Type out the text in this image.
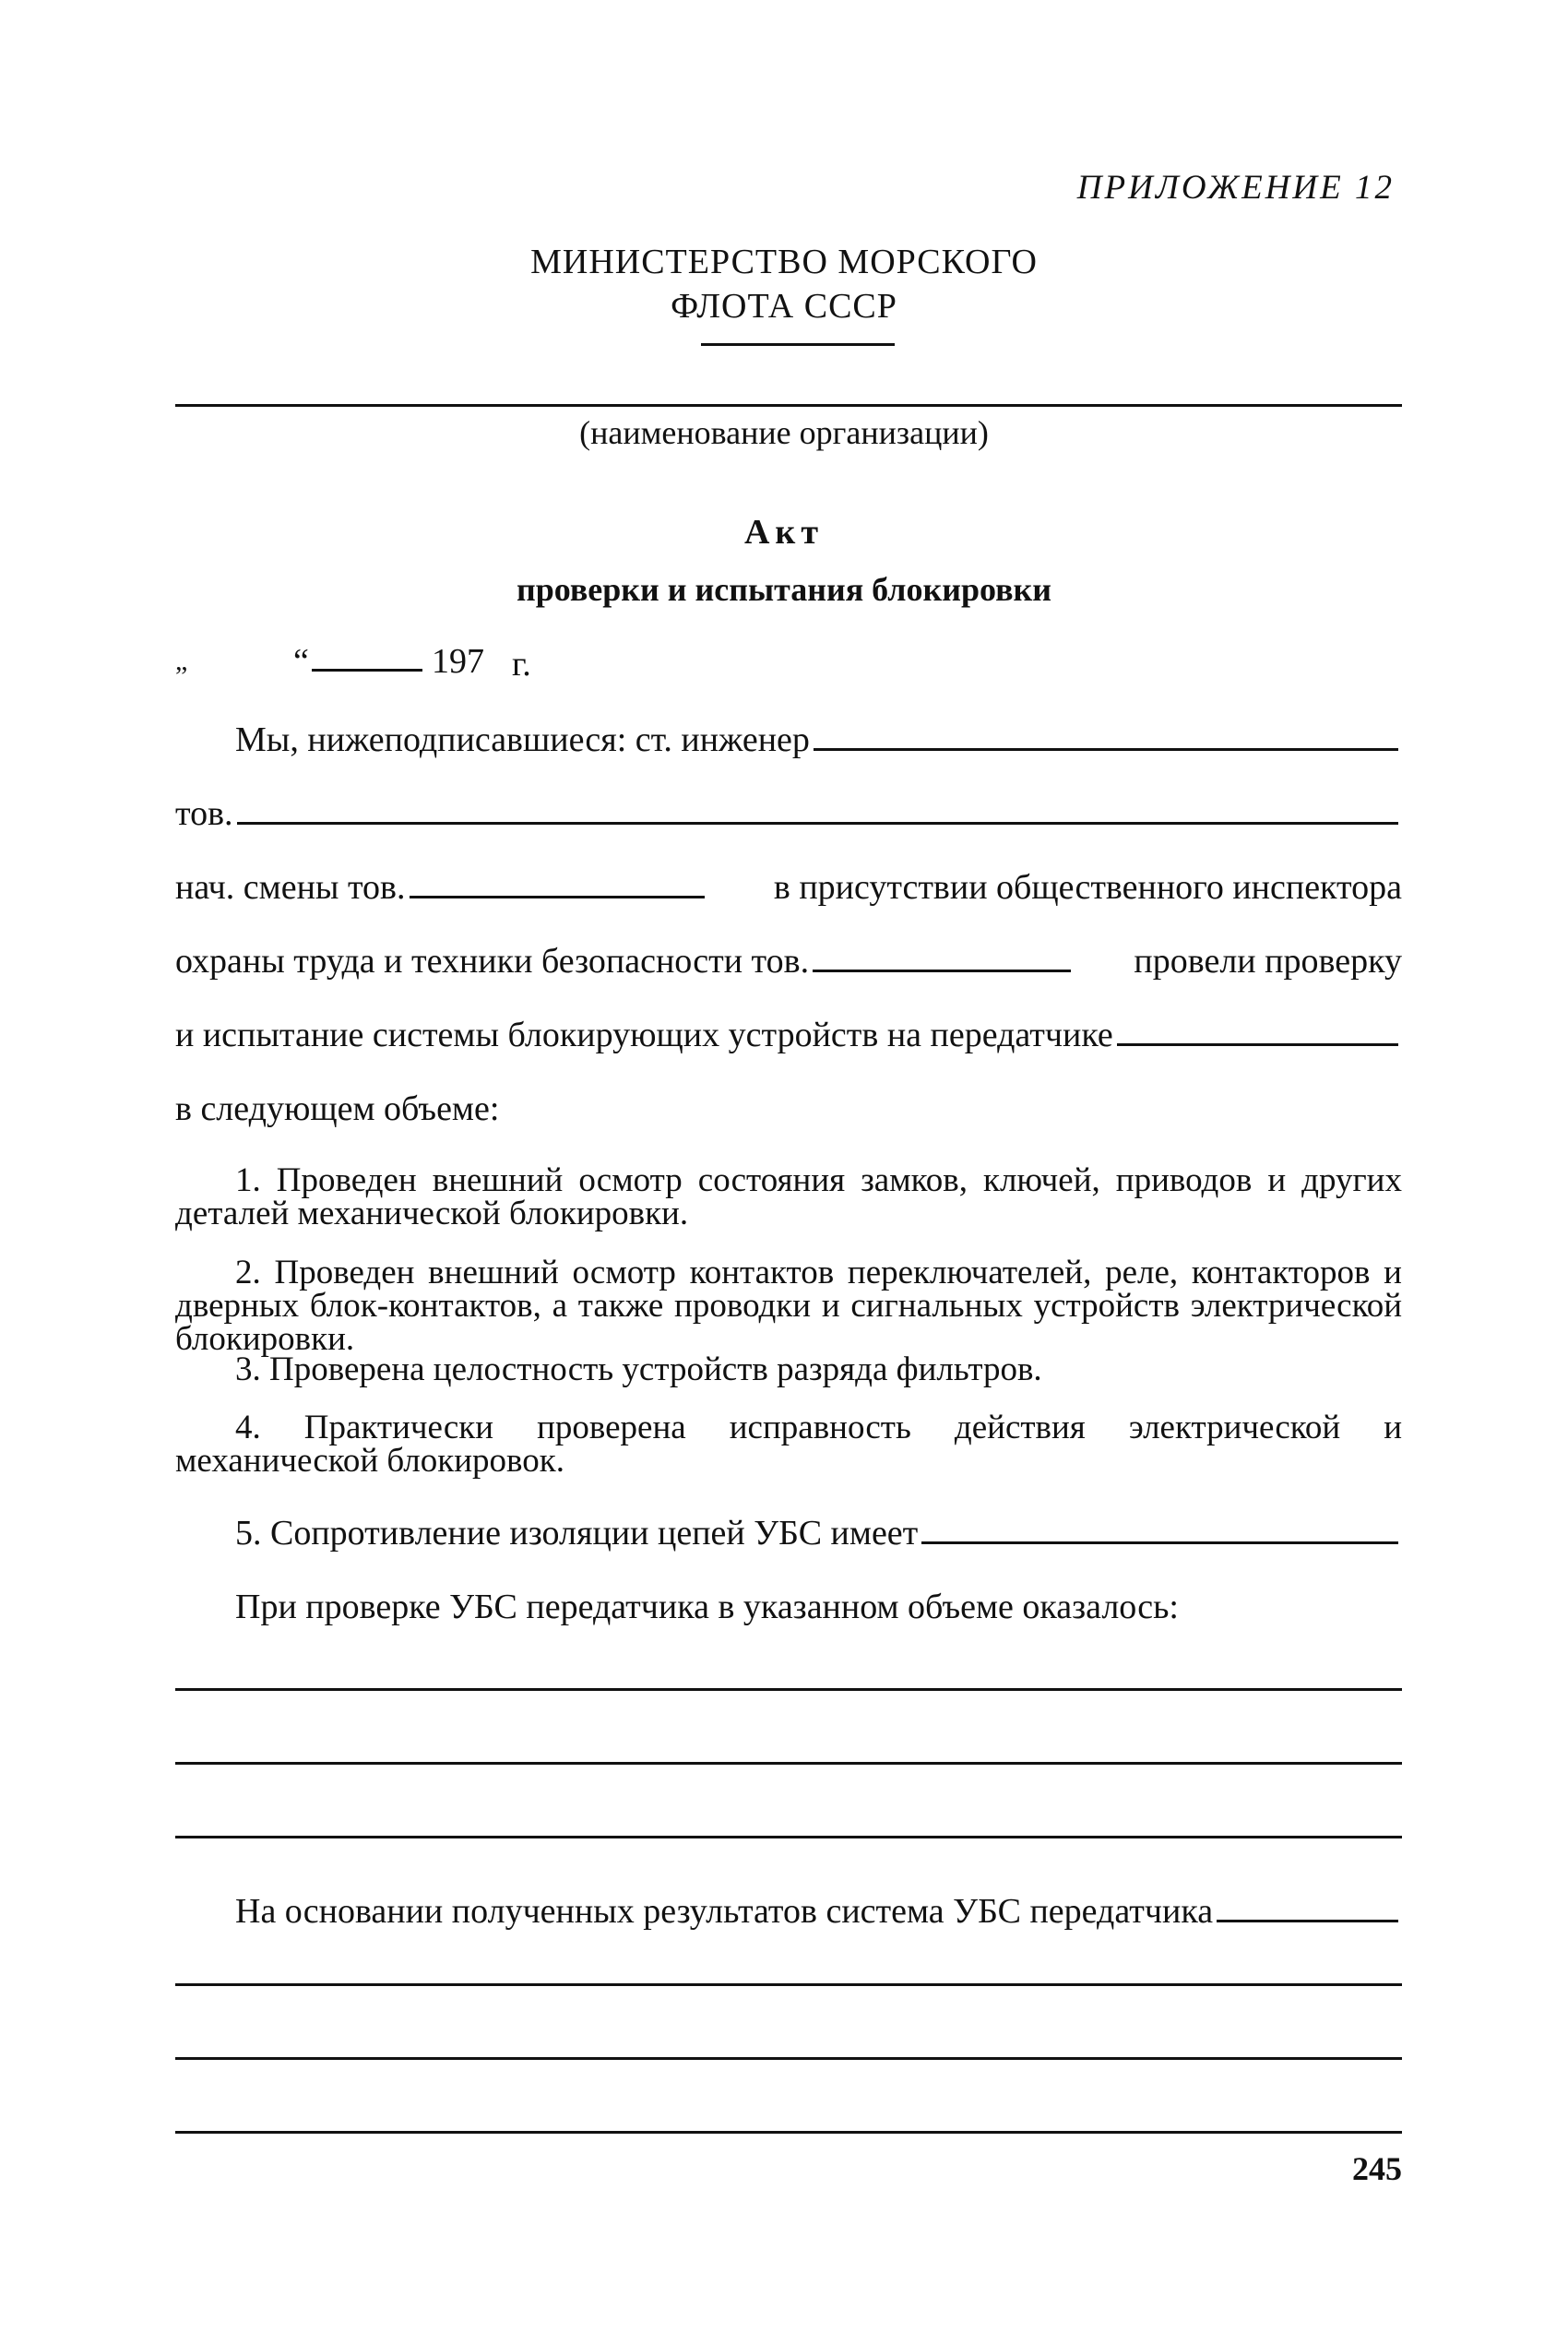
ПРИЛОЖЕНИЕ 12
МИНИСТЕРСТВО МОРСКОГО
ФЛОТА СССР
(наименование организации)
Акт
проверки и испытания блокировки
„	“	197 г.
Мы, нижеподписавшиеся: ст. инженер
тов.
нач. смены тов.	в присутствии общественного инспектора
охраны труда и техники безопасности тов.	провели проверку
и испытание системы блокирующих устройств на передатчике
в следующем объеме:
1. Проведен внешний осмотр состояния замков, ключей, приводов и других деталей механической блокировки.
2. Проведен внешний осмотр контактов переключателей, реле, контакторов и дверных блок-контактов, а также проводки и сигнальных устройств электрической блокировки.
3. Проверена целостность устройств разряда фильтров.
4. Практически проверена исправность действия электрической и механической блокировок.
5. Сопротивление изоляции цепей УБС имеет
При проверке УБС передатчика в указанном объеме оказалось:
На основании полученных результатов система УБС передатчика
245
